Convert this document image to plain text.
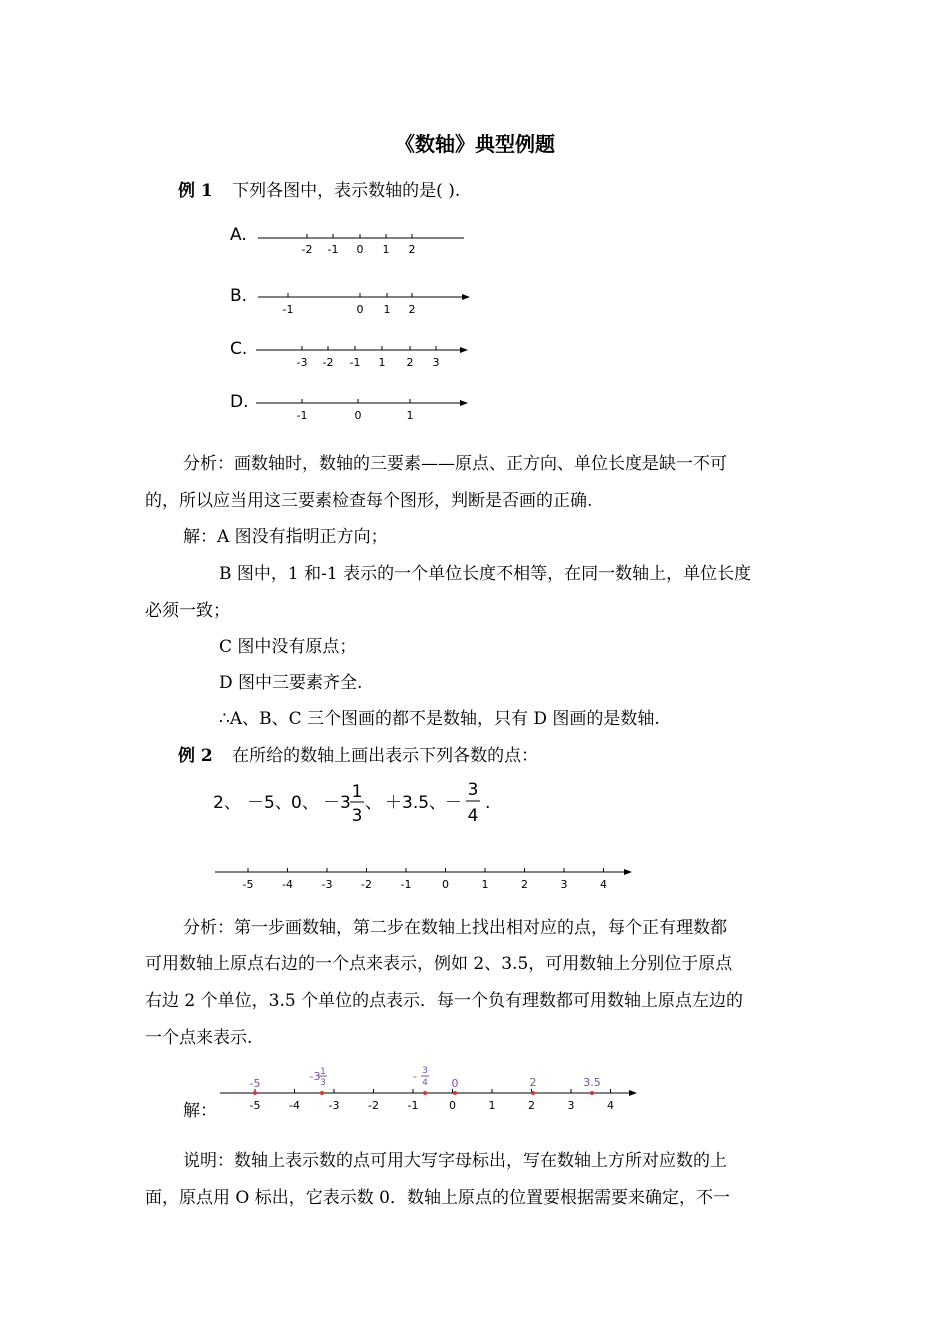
《数轴》典型例题
例 1 下列各图中，表示数轴的是( ).
A.
-2 -1 0 1 2
B.
-1	0 1 2
C.
-3 -2 -1 1 2 3
D.
-1	0	1
分析：画数轴时，数轴的三要素——原点、正方向、单位长度是缺一不可
的，所以应当用这三要素检查每个图形，判断是否画的正确.
解：A 图没有指明正方向；
B 图中，1 和-1 表示的一个单位长度不相等，在同一数轴上，单位长度
必须一致；
C 图中没有原点；
D 图中三要素齐全.
∴A、B、C 三个图画的都不是数轴，只有 D 图画的是数轴.
例 2 在所给的数轴上画出表示下列各数的点：
2、 －5、 0、 －3
1
3
、 ＋3.5、
－
3
4
.
-5	-4	-3	-2	-1	0	1	2	3	4
分析：第一步画数轴，第二步在数轴上找出相对应的点，每个正有理数都
可用数轴上原点右边的一个点来表示，例如 2、3.5，可用数轴上分别位于原点
右边 2 个单位，3.5 个单位的点表示．每一个负有理数都可用数轴上原点左边的
一个点来表示.
解：	-5	-4	-3	-2	-1	0	1	2	3	4
-5
-3 1
3	- 3
4 0	2	3.5
说明：数轴上表示数的点可用大写字母标出，写在数轴上方所对应数的上
面，原点用 O 标出，它表示数 0．数轴上原点的位置要根据需要来确定，不一
